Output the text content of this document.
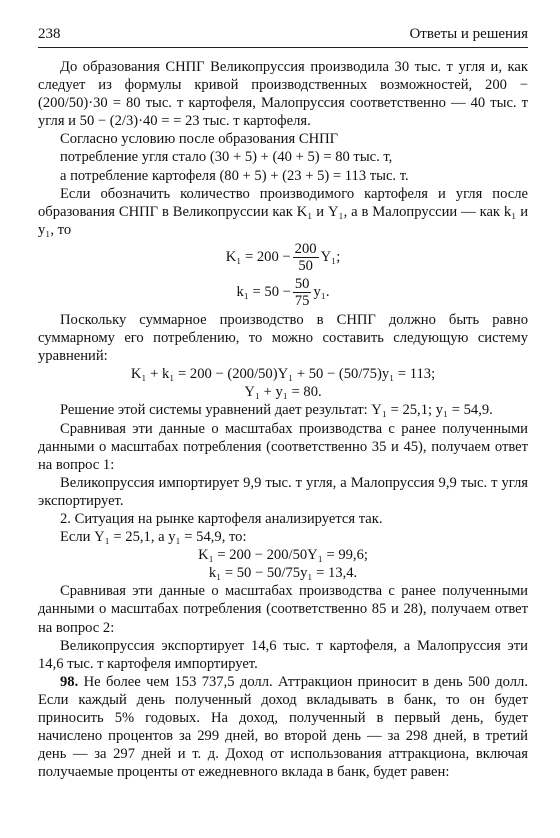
238	Ответы и решения

До образования СНПГ Великопруссия производила 30 тыс. т угля и, как следует из формулы кривой производственных возможностей, 200 − (200/50)·30 = 80 тыс. т картофеля, Малопруссия соответственно — 40 тыс. т угля и 50 − (2/3)·40 = = 23 тыс. т картофеля.

Согласно условию после образования СНПГ

потребление угля стало (30 + 5) + (40 + 5) = 80 тыс. т,

а потребление картофеля (80 + 5) + (23 + 5) = 113 тыс. т.

Если обозначить количество производимого картофеля и угля после образования СНПГ в Великопруссии как K₁ и Y₁, а в Малопруссии — как k₁ и y₁, то

$K_1 = 200 - \frac{200}{50} Y_1$;
$k_1 = 50 - \frac{50}{75} y_1$.

Поскольку суммарное производство в СНПГ должно быть равно суммарному его потреблению, то можно составить следующую систему уравнений:

K₁ + k₁ = 200 − (200/50)Y₁ + 50 − (50/75)y₁ = 113;

Y₁ + y₁ = 80.

Решение этой системы уравнений дает результат: Y₁ = 25,1; y₁ = 54,9.

Сравнивая эти данные о масштабах производства с ранее полученными данными о масштабах потребления (соответственно 35 и 45), получаем ответ на вопрос 1:

Великопруссия импортирует 9,9 тыс. т угля, а Малопруссия 9,9 тыс. т угля экспортирует.

2. Ситуация на рынке картофеля анализируется так.

Если Y₁ = 25,1, а y₁ = 54,9, то:

K₁ = 200 − 200/50Y₁ = 99,6;

k₁ = 50 − 50/75y₁ = 13,4.

Сравнивая эти данные о масштабах производства с ранее полученными данными о масштабах потребления (соответственно 85 и 28), получаем ответ на вопрос 2:

Великопруссия экспортирует 14,6 тыс. т картофеля, а Малопруссия эти 14,6 тыс. т картофеля импортирует.

98. Не более чем 153 737,5 долл. Аттракцион приносит в день 500 долл. Если каждый день полученный доход вкладывать в банк, то он будет приносить 5% годовых. На доход, полученный в первый день, будет начислено процентов за 299 дней, во второй день — за 298 дней, в третий день — за 297 дней и т. д. Доход от использования аттракциона, включая получаемые проценты от ежедневного вклада в банк, будет равен:
